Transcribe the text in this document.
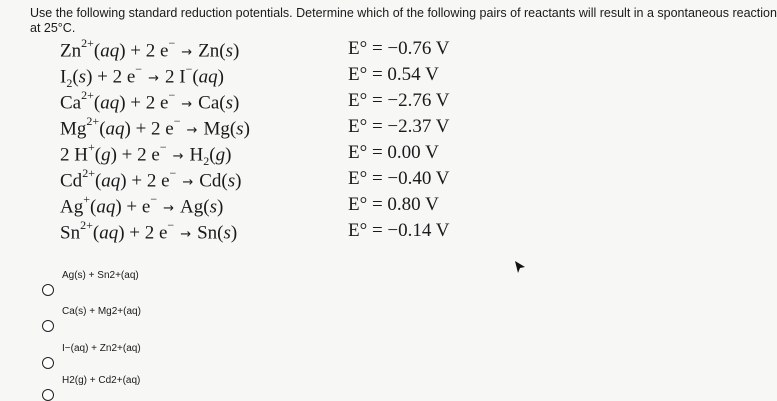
Use the following standard reduction potentials. Determine which of the following pairs of reactants will result in a spontaneous reaction
at 25°C.
$Zn^{2+}(aq) + 2$ e−→ Zn(s)	E° = −0.76 V
$I_2(s) + 2$ e−→ 2 I−(aq)	E° = 0.54 V
$Ca^{2+}(aq) + 2$ e−→ Ca(s)	E° = −2.76 V
$Mg^{2+}(aq) + 2$ e−→ Mg(s)	E° = −2.37 V
2 H+(g) + 2 $e^-\to H_2(g)$	E° = 0.00 V
$Cd^{2+}(aq) + 2$ e−→ Cd(s)	E° = −0.40 V
Ag+(aq) + e−→ Ag(s)	E° = 0.80 V
$Sn^{2+}(aq) + 2$ e−→ Sn(s)	E° = −0.14 V
Ag(s) + Sn2+(aq)
Ca(s) + Mg2+(aq)
I−(aq) + Zn2+(aq)
H2(g) + Cd2+(aq)
